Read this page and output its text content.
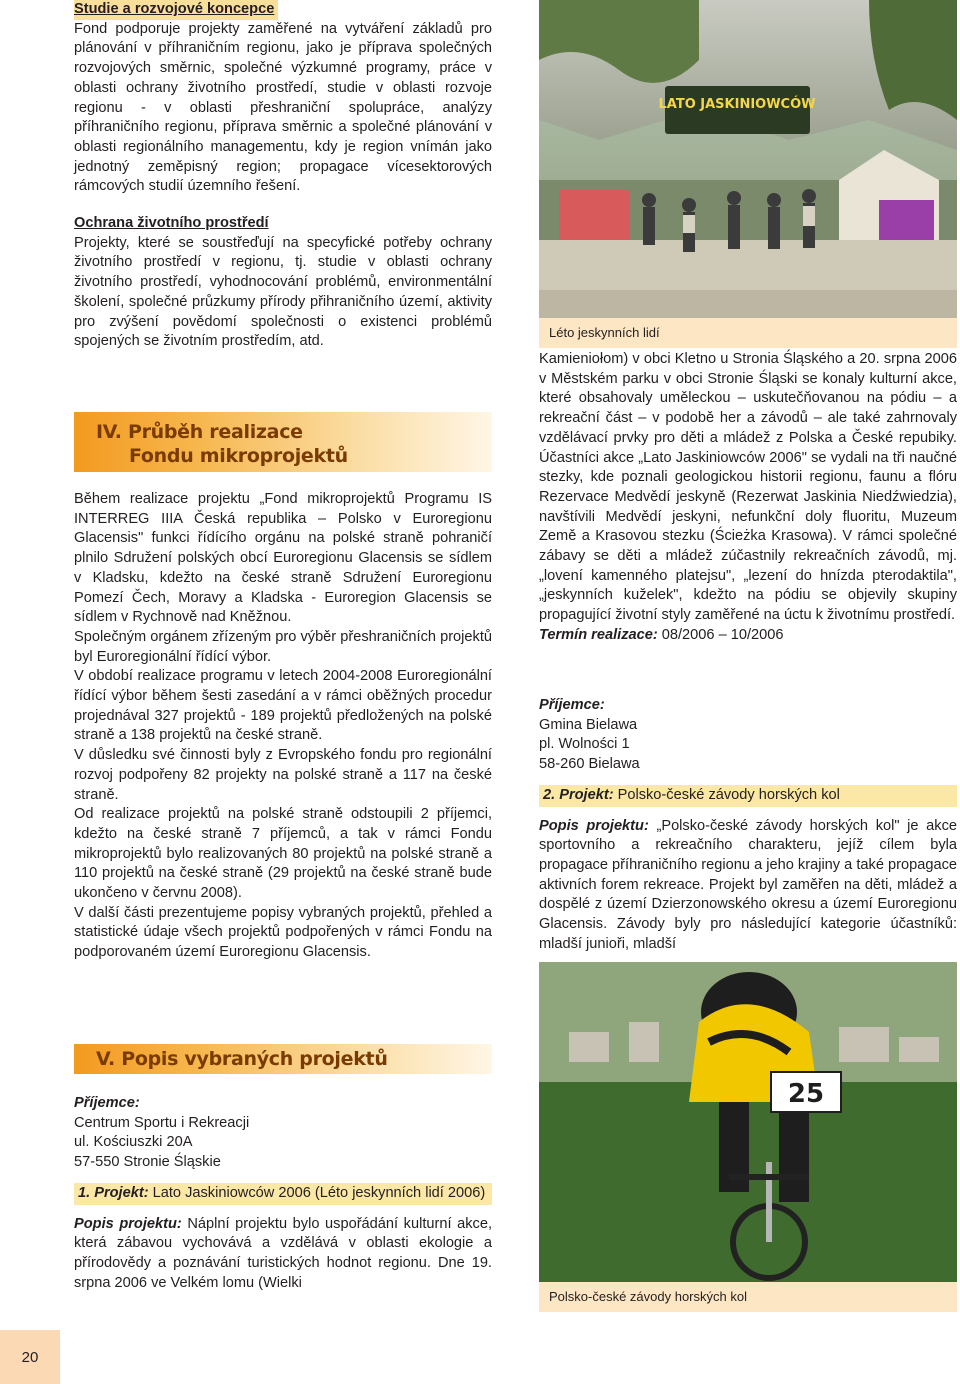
Studie a rozvojové koncepce

Fond podporuje projekty zaměřené na vytváření základů pro plánování v příhraničním regionu, jako je příprava společných rozvojových směrnic, společné výzkumné programy, práce v oblasti ochrany životního prostředí, studie v oblasti rozvoje regionu - v oblasti přeshraniční spolupráce, analýzy příhraničního regionu, příprava směrnic a společné plánování v oblasti regionálního managementu, kdy je region vnímán jako jednotný zeměpisný region; propagace vícesektorových rámcových studií územního řešení.

Ochrana životního prostředí

Projekty, které se soustřeďují na specyfické potřeby ochrany životního prostředí v regionu, tj. studie v oblasti ochrany životního prostředí, vyhodnocování problémů, environmentální školení, společné průzkumy přírody přihraničního území, aktivity pro zvýšení povědomí společnosti o existenci problémů spojených se životním prostředím, atd.

IV. Průběh realizace
Fondu mikroprojektů

Během realizace projektu „Fond mikroprojektů Programu IS INTERREG IIIA Česká republika – Polsko v Euroregionu Glacensis" funkci řídícího orgánu na polské straně pohraničí plnilo Sdružení polských obcí Euroregionu Glacensis se sídlem v Kladsku, kdežto na české straně Sdružení Euroregionu Pomezí Čech, Moravy a Kladska - Euroregion Glacensis se sídlem v Rychnově nad Kněžnou.

Společným orgánem zřízeným pro výběr přeshraničních projektů byl Euroregionální řídící výbor.

V období realizace programu v letech 2004-2008 Euroregionální řídící výbor během šesti zasedání a v rámci oběžných procedur projednával 327 projektů - 189 projektů předložených na polské straně a 138 projektů na české straně.

V důsledku své činnosti byly z Evropského fondu pro regionální rozvoj podpořeny 82 projekty na polské straně a 117 na české straně.

Od realizace projektů na polské straně odstoupili 2 příjemci, kdežto na české straně 7 příjemců, a tak v rámci Fondu mikroprojektů bylo realizovaných 80 projektů na polské straně a 110 projektů na české straně (29 projektů na české straně bude ukončeno v červnu 2008).

V další části prezentujeme popisy vybraných projektů, přehled a statistické údaje všech projektů podpořených v rámci Fondu na podporovaném území Euroregionu Glacensis.

V. Popis vybraných projektů
Příjemce:
Centrum Sportu i Rekreacji
ul. Kościuszki 20A
57-550 Stronie Śląskie
1. Projekt: Lato Jaskiniowców 2006 (Léto jeskynních lidí 2006)

Popis projektu: Náplní projektu bylo uspořádání kulturní akce, která zábavou vychovává a vzdělává v oblasti ekologie a přírodovědy a poznávání turistických hodnot regionu. Dne 19. srpna 2006 ve Velkém lomu (Wielki

LATO JASKINIOWCÓW
Léto jeskynních lidí

Kamieniołom) v obci Kletno u Stronia Śląského a 20. srpna 2006 v Městském parku v obci Stronie Śląski se konaly kulturní akce, které obsahovaly uměleckou – uskutečňovanou na pódiu – a rekreační část – v podobě her a závodů – ale také zahrnovaly vzdělávací prvky pro děti a mládež z Polska a České repubiky. Účastníci akce „Lato Jaskiniowców 2006" se vydali na tři naučné stezky, kde poznali geologickou historii regionu, faunu a flóru Rezervace Medvědí jeskyně (Rezerwat Jaskinia Niedźwiedzia), navštívili Medvědí jeskyni, nefunkční doly fluoritu, Muzeum Země a Krasovou stezku (Ścieżka Krasowa). V rámci společné zábavy se děti a mládež zúčastnily rekreačních závodů, mj. „lovení kamenného platejsu", „lezení do hnízda pterodaktila", „jeskynních kuželek", kdežto na pódiu se objevily skupiny propagující životní styly zaměřené na úctu k životnímu prostředí.

Termín realizace: 08/2006 – 10/2006

Příjemce:
Gmina Bielawa
pl. Wolności 1
58-260 Bielawa
2. Projekt: Polsko-české závody horských kol

Popis projektu: „Polsko-české závody horských kol" je akce sportovního a rekreačního charakteru, jejíž cílem byla propagace příhraničního regionu a jeho krajiny a také propagace aktivních forem rekreace. Projekt byl zaměřen na děti, mládež a dospělé z území Dzierzonowského okresu a území Euroregionu Glacensis. Závody byly pro následující kategorie účastníků: mladší junioři, mladší

25
Polsko-české závody horských kol
20
